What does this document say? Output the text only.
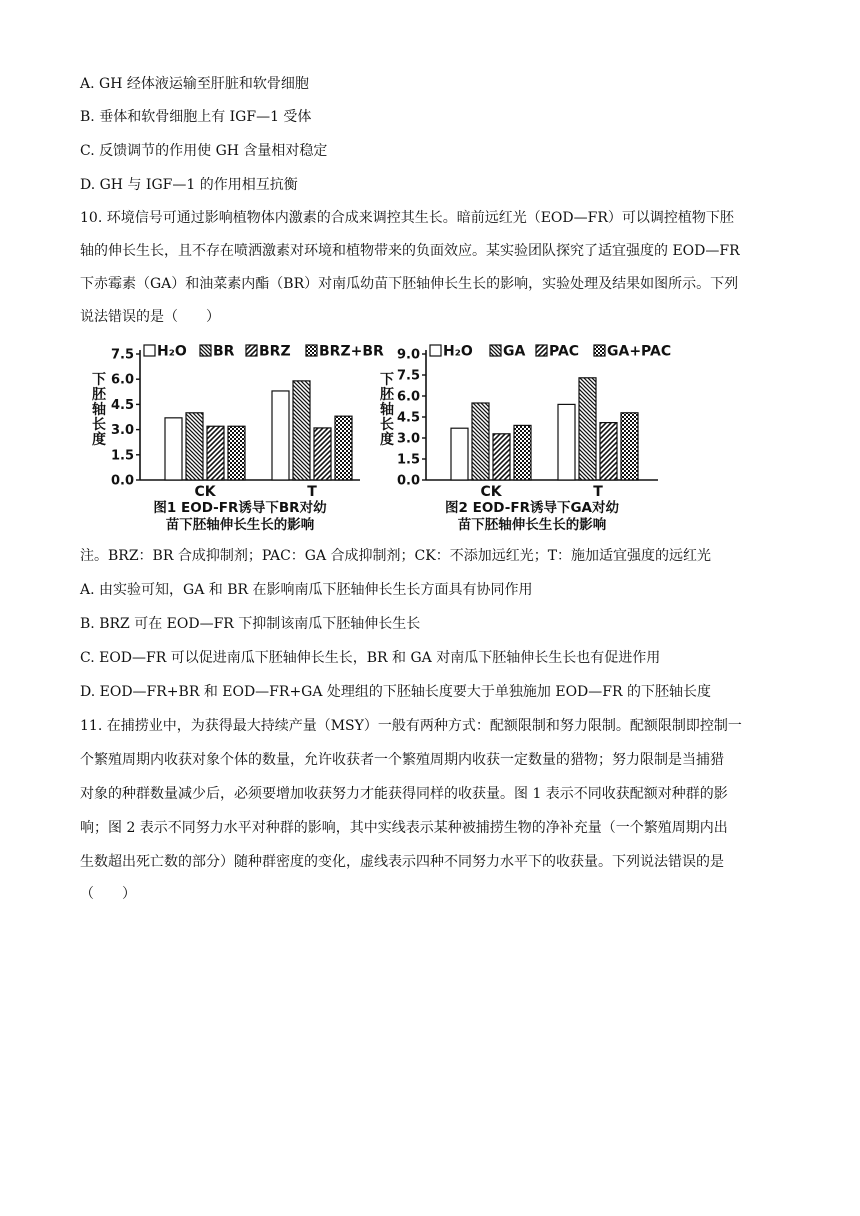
A. GH 经体液运输至肝脏和软骨细胞
B. 垂体和软骨细胞上有 IGF—1 受体
C. 反馈调节的作用使 GH 含量相对稳定
D. GH 与 IGF—1 的作用相互抗衡
10. 环境信号可通过影响植物体内激素的合成来调控其生长。暗前远红光（EOD—FR）可以调控植物下胚
轴的伸长生长，且不存在喷洒激素对环境和植物带来的负面效应。某实验团队探究了适宜强度的 EOD—FR
下赤霉素（GA）和油菜素内酯（BR）对南瓜幼苗下胚轴伸长生长的影响，实验处理及结果如图所示。下列
说法错误的是（　　）
0.0
1.5
3.0
4.5
6.0
7.5
下
胚
轴
长
度
CK	T
H₂O BR BRZ BRZ+BR
图1 EOD-FR诱导下BR对幼
苗下胚轴伸长生长的影响
0.0
1.5
3.0
4.5
6.0
7.5
9.0
下
胚
轴
长
度
CK	T
H₂O GA PAC GA+PAC
图2 EOD-FR诱导下GA对幼
苗下胚轴伸长生长的影响
注。BRZ：BR 合成抑制剂；PAC：GA 合成抑制剂；CK：不添加远红光；T：施加适宜强度的远红光
A. 由实验可知，GA 和 BR 在影响南瓜下胚轴伸长生长方面具有协同作用
B. BRZ 可在 EOD—FR 下抑制该南瓜下胚轴伸长生长
C. EOD—FR 可以促进南瓜下胚轴伸长生长，BR 和 GA 对南瓜下胚轴伸长生长也有促进作用
D. EOD—FR+BR 和 EOD—FR+GA 处理组的下胚轴长度要大于单独施加 EOD—FR 的下胚轴长度
11. 在捕捞业中，为获得最大持续产量（MSY）一般有两种方式：配额限制和努力限制。配额限制即控制一
个繁殖周期内收获对象个体的数量，允许收获者一个繁殖周期内收获一定数量的猎物；努力限制是当捕猎
对象的种群数量减少后，必须要增加收获努力才能获得同样的收获量。图 1 表示不同收获配额对种群的影
响；图 2 表示不同努力水平对种群的影响，其中实线表示某种被捕捞生物的净补充量（一个繁殖周期内出
生数超出死亡数的部分）随种群密度的变化，虚线表示四种不同努力水平下的收获量。下列说法错误的是
（　　）
